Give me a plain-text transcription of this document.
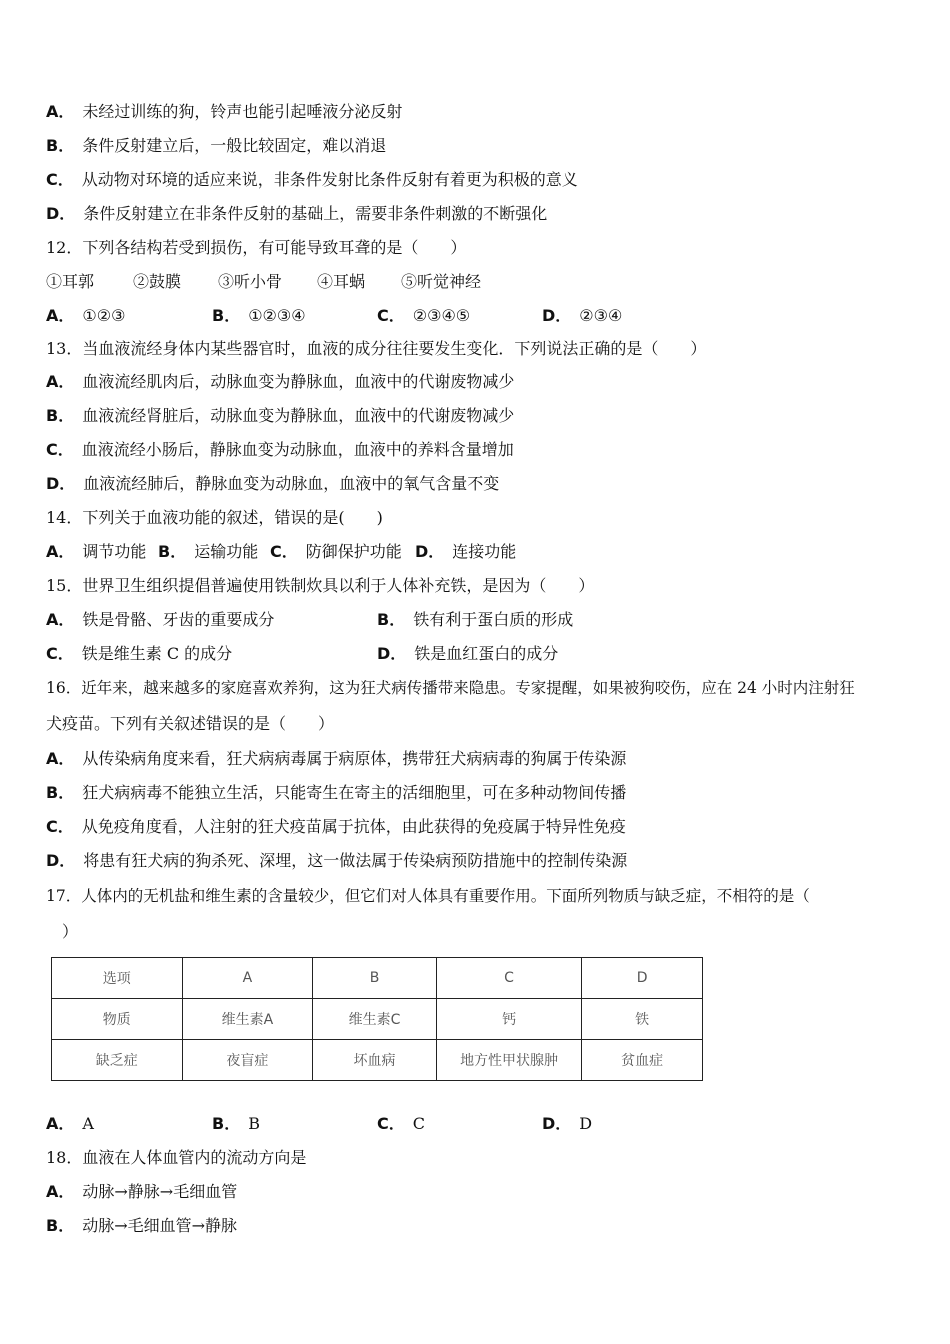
A． 未经过训练的狗，铃声也能引起唾液分泌反射
B． 条件反射建立后，一般比较固定，难以消退
C． 从动物对环境的适应来说，非条件发射比条件反射有着更为积极的意义
D． 条件反射建立在非条件反射的基础上，需要非条件刺激的不断强化
12．下列各结构若受到损伤，有可能导致耳聋的是（　　）
①耳郭 ②鼓膜 ③听小骨 ④耳蜗 ⑤听觉神经
A． ①②③	B． ①②③④	C． ②③④⑤	D． ②③④
13．当血液流经身体内某些器官时，血液的成分往往要发生变化．下列说法正确的是（　　）
A． 血液流经肌肉后，动脉血变为静脉血，血液中的代谢废物减少
B． 血液流经肾脏后，动脉血变为静脉血，血液中的代谢废物减少
C． 血液流经小肠后，静脉血变为动脉血，血液中的养料含量增加
D． 血液流经肺后，静脉血变为动脉血，血液中的氧气含量不变
14．下列关于血液功能的叙述，错误的是(　　)
A． 调节功能 B． 运输功能 C． 防御保护功能 D． 连接功能
15．世界卫生组织提倡普遍使用铁制炊具以利于人体补充铁，是因为（　　）
A． 铁是骨骼、牙齿的重要成分	B． 铁有利于蛋白质的形成
C． 铁是维生素 C 的成分	D． 铁是血红蛋白的成分
16．近年来，越来越多的家庭喜欢养狗，这为狂犬病传播带来隐患。专家提醒，如果被狗咬伤，应在 24 小时内注射狂
犬疫苗。下列有关叙述错误的是（　　）
A． 从传染病角度来看，狂犬病病毒属于病原体，携带狂犬病病毒的狗属于传染源
B． 狂犬病病毒不能独立生活，只能寄生在寄主的活细胞里，可在多种动物间传播
C． 从免疫角度看，人注射的狂犬疫苗属于抗体，由此获得的免疫属于特异性免疫
D． 将患有狂犬病的狗杀死、深埋，这一做法属于传染病预防措施中的控制传染源
17．人体内的无机盐和维生素的含量较少，但它们对人体具有重要作用。下面所列物质与缺乏症，不相符的是（
）
选项	A	B	C	D
物质	维生素A	维生素C	钙	铁
缺乏症	夜盲症	坏血病	地方性甲状腺肿	贫血症
A． A	B． B	C． C	D． D
18．血液在人体血管内的流动方向是
A． 动脉→静脉→毛细血管
B． 动脉→毛细血管→静脉
